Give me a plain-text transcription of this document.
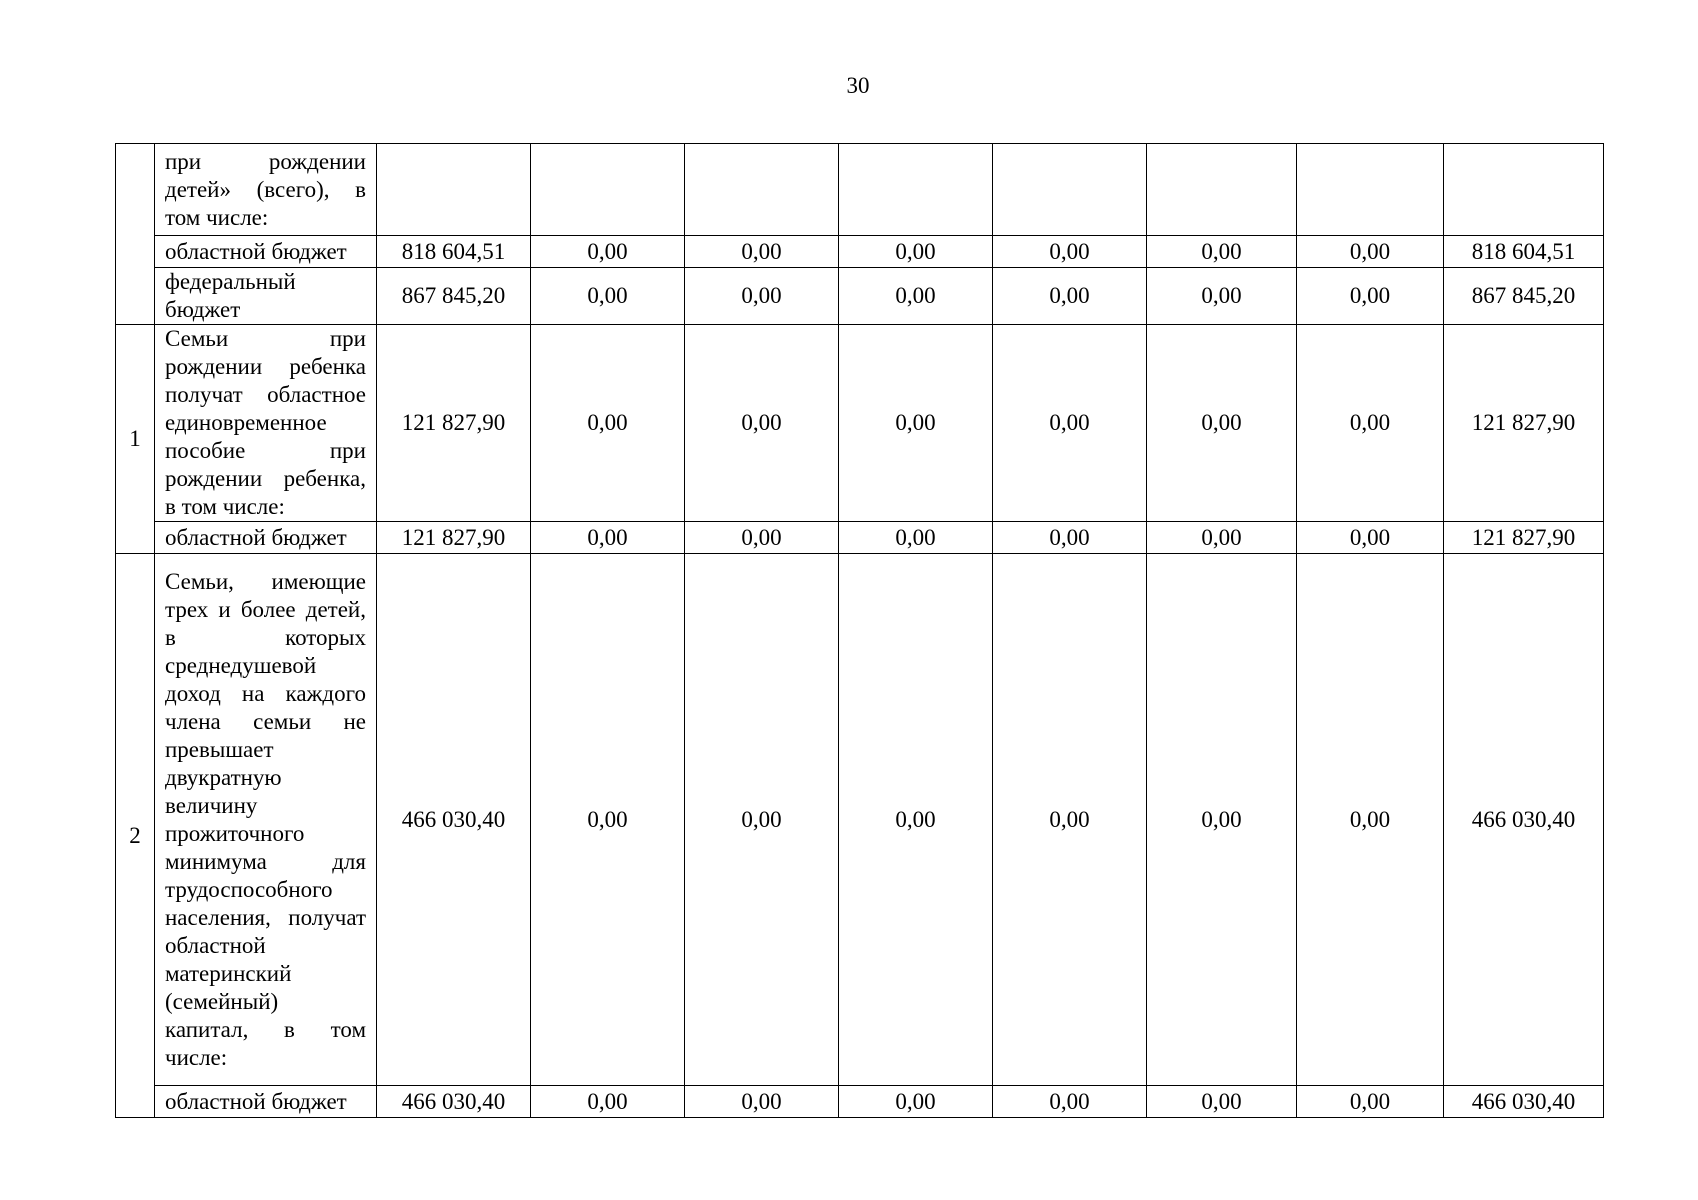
30
	при рождении детей» (всего), в том числе:								
	областной бюджет	818 604,51	0,00	0,00	0,00	0,00	0,00	0,00	818 604,51
	федеральный бюджет	867 845,20	0,00	0,00	0,00	0,00	0,00	0,00	867 845,20
1	Семьи при рождении ребенка получат областное единовременное пособие при рождении ребенка, в том числе:	121 827,90	0,00	0,00	0,00	0,00	0,00	0,00	121 827,90
	областной бюджет	121 827,90	0,00	0,00	0,00	0,00	0,00	0,00	121 827,90
2	Семьи, имеющие трех и более детей, в которых среднедушевой доход на каждого члена семьи не превышает двукратную величину прожиточного минимума для трудоспособного населения, получат областной материнский (семейный) капитал, в том числе:	466 030,40	0,00	0,00	0,00	0,00	0,00	0,00	466 030,40
	областной бюджет	466 030,40	0,00	0,00	0,00	0,00	0,00	0,00	466 030,40
